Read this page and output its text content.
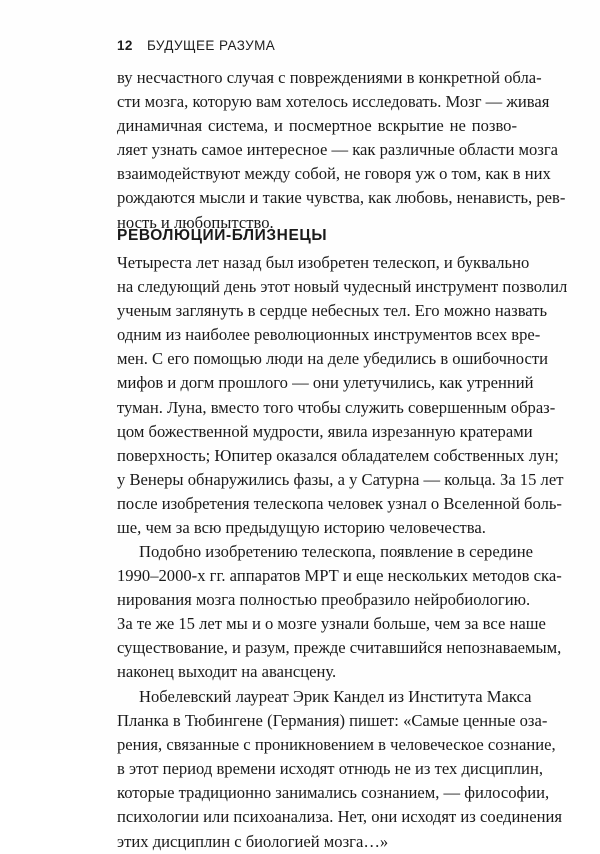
12 БУДУЩЕЕ РАЗУМА
ву несчастного случая с повреждениями в конкретной обла-
сти мозга, которую вам хотелось исследовать. Мозг — живая
динамичная система, и посмертное вскрытие не позво-
ляет узнать самое интересное — как различные области мозга
взаимодействуют между собой, не говоря уж о том, как в них
рождаются мысли и такие чувства, как любовь, ненависть, рев-
ность и любопытство.
РЕВОЛЮЦИИ-БЛИЗНЕЦЫ
Четыреста лет назад был изобретен телескоп, и буквально
на следующий день этот новый чудесный инструмент позволил
ученым заглянуть в сердце небесных тел. Его можно назвать
одним из наиболее революционных инструментов всех вре-
мен. С его помощью люди на деле убедились в ошибочности
мифов и догм прошлого — они улетучились, как утренний
туман. Луна, вместо того чтобы служить совершенным образ-
цом божественной мудрости, явила изрезанную кратерами
поверхность; Юпитер оказался обладателем собственных лун;
у Венеры обнаружились фазы, а у Сатурна — кольца. За 15 лет
после изобретения телескопа человек узнал о Вселенной боль-
ше, чем за всю предыдущую историю человечества.
Подобно изобретению телескопа, появление в середине
1990–2000-х гг. аппаратов МРТ и еще нескольких методов ска-
нирования мозга полностью преобразило нейробиологию.
За те же 15 лет мы и о мозге узнали больше, чем за все наше
существование, и разум, прежде считавшийся непознаваемым,
наконец выходит на авансцену.
Нобелевский лауреат Эрик Кандел из Института Макса
Планка в Тюбингене (Германия) пишет: «Самые ценные оза-
рения, связанные с проникновением в человеческое сознание,
в этот период времени исходят отнюдь не из тех дисциплин,
которые традиционно занимались сознанием, — философии,
психологии или психоанализа. Нет, они исходят из соединения
этих дисциплин с биологией мозга…»
